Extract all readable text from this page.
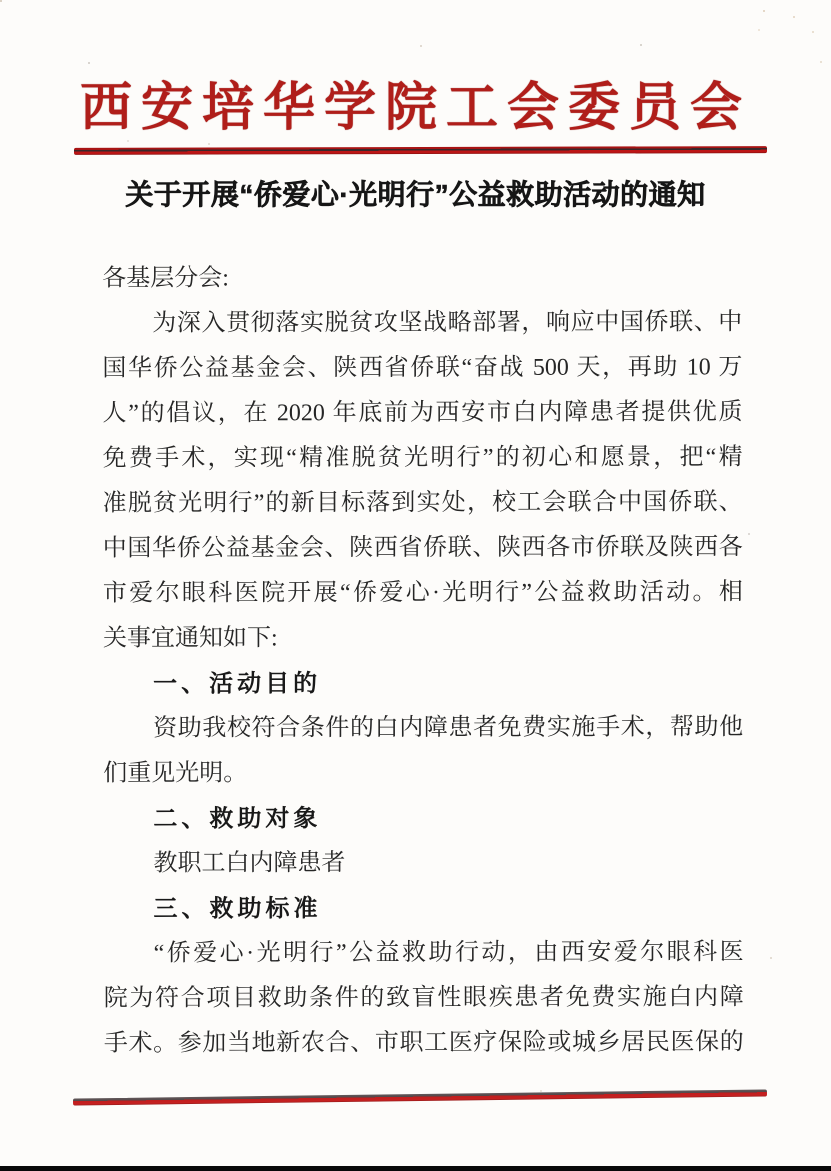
西安培华学院工会委员会
关于开展“侨爱心·光明行”公益救助活动的通知
各基层分会:
为深入贯彻落实脱贫攻坚战略部署，响应中国侨联、中
国华侨公益基金会、陕西省侨联“奋战 500 天，再助 10 万
人”的倡议，在 2020 年底前为西安市白内障患者提供优质
免费手术，实现“精准脱贫光明行”的初心和愿景，把“精
准脱贫光明行”的新目标落到实处，校工会联合中国侨联、
中国华侨公益基金会、陕西省侨联、陕西各市侨联及陕西各
市爱尔眼科医院开展“侨爱心·光明行”公益救助活动。相
关事宜通知如下:
一、活动目的
资助我校符合条件的白内障患者免费实施手术，帮助他
们重见光明。
二、救助对象
教职工白内障患者
三、救助标准
“侨爱心·光明行”公益救助行动，由西安爱尔眼科医
院为符合项目救助条件的致盲性眼疾患者免费实施白内障
手术。参加当地新农合、市职工医疗保险或城乡居民医保的
